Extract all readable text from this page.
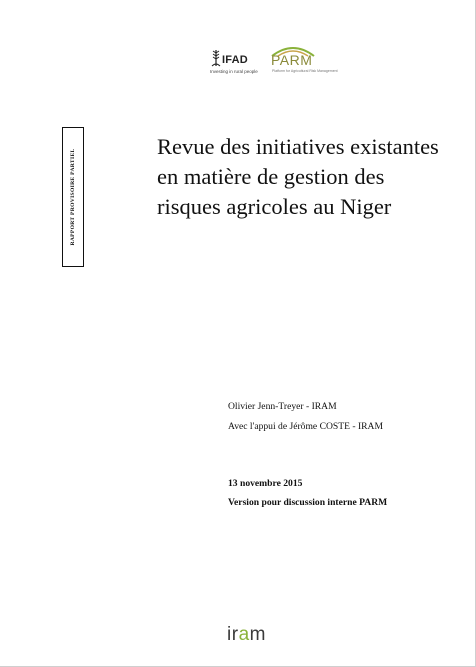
IFAD
Investing in rural people
PARM
Platform for Agricultural Risk Management
RAPPORT PROVISOIRE PARTIEL
Revue des initiatives existantes
en matière de gestion des
risques agricoles au Niger
Olivier Jenn-Treyer - IRAM
Avec l'appui de Jérôme COSTE - IRAM
13 novembre 2015
Version pour discussion interne PARM
iram
